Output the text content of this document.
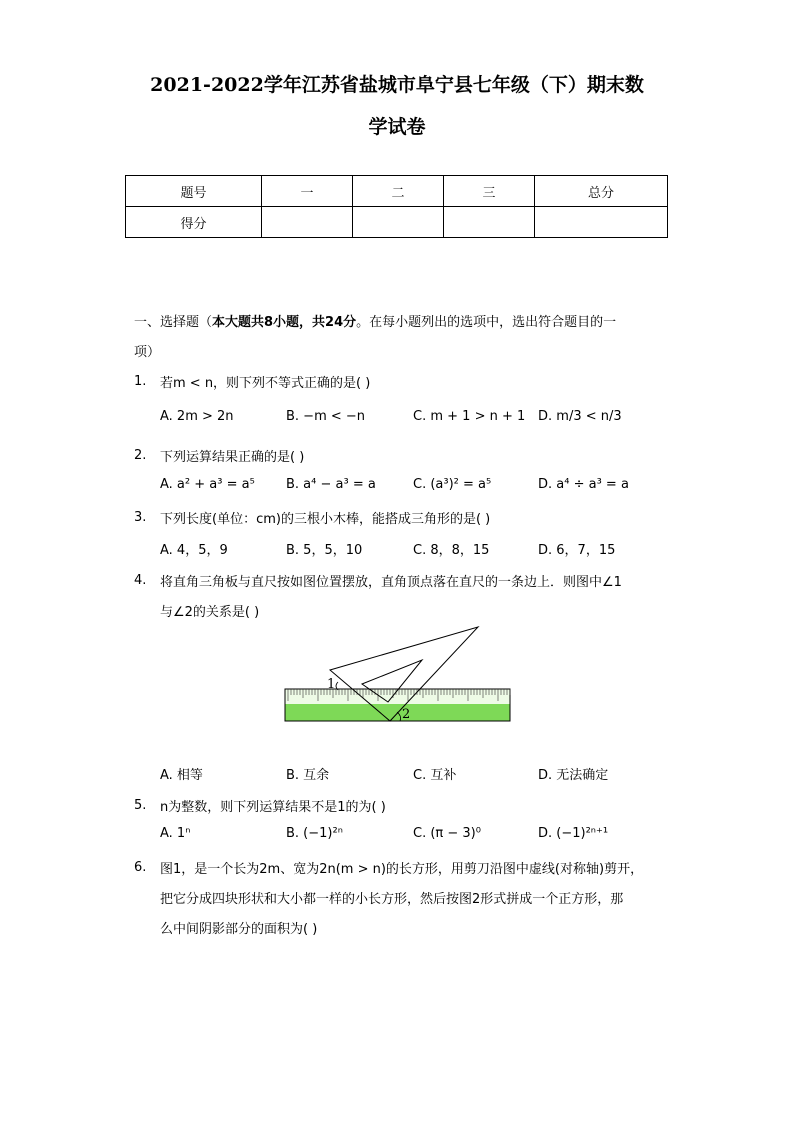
2021-2022学年江苏省盐城市阜宁县七年级（下）期末数
学试卷
题号	一	二	三	总分
得分				
一、选择题（本大题共8小题，共24分。在每小题列出的选项中，选出符合题目的一
项）
1. 若m < n，则下列不等式正确的是( )
A. 2m > 2n	B. −m < −n	C. m + 1 > n + 1 D. m/3 < n/3
2. 下列运算结果正确的是( )
A. a² + a³ = a⁵ B. a⁴ − a³ = a	C. (a³)² = a⁵	D. a⁴ ÷ a³ = a
3. 下列长度(单位：cm)的三根小木棒，能搭成三角形的是( )
A. 4，5，9	B. 5，5，10	C. 8，8，15	D. 6，7，15
4. 将直角三角板与直尺按如图位置摆放，直角顶点落在直尺的一条边上．则图中∠1
与∠2的关系是( )
1
2
A. 相等	B. 互余	C. 互补	D. 无法确定
5. n为整数，则下列运算结果不是1的为( )
A. 1ⁿ	B. (−1)²ⁿ	C. (π − 3)⁰	D. (−1)²ⁿ⁺¹
6. 图1，是一个长为2m、宽为2n(m > n)的长方形，用剪刀沿图中虚线(对称轴)剪开，
把它分成四块形状和大小都一样的小长方形，然后按图2形式拼成一个正方形，那
么中间阴影部分的面积为( )
